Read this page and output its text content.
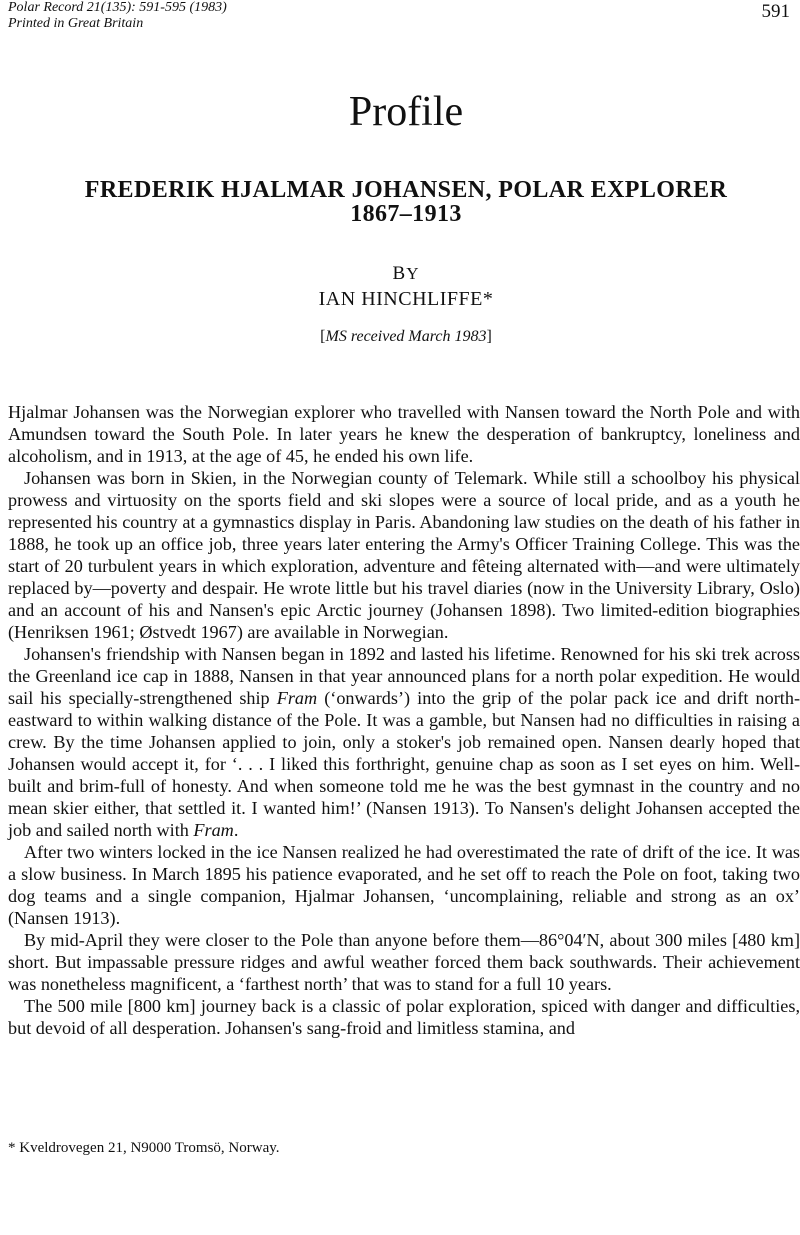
Polar Record 21(135): 591-595 (1983)
Printed in Great Britain
591
Profile
FREDERIK HJALMAR JOHANSEN, POLAR EXPLORER
1867–1913
BY
IAN HINCHLIFFE*
[MS received March 1983]

Hjalmar Johansen was the Norwegian explorer who travelled with Nansen toward the North Pole and with Amundsen toward the South Pole. In later years he knew the desperation of bankruptcy, loneliness and alcoholism, and in 1913, at the age of 45, he ended his own life.

Johansen was born in Skien, in the Norwegian county of Telemark. While still a schoolboy his physical prowess and virtuosity on the sports field and ski slopes were a source of local pride, and as a youth he represented his country at a gymnastics display in Paris. Abandoning law studies on the death of his father in 1888, he took up an office job, three years later entering the Army's Officer Training College. This was the start of 20 turbulent years in which exploration, adventure and fêteing alternated with—and were ultimately replaced by—poverty and despair. He wrote little but his travel diaries (now in the University Library, Oslo) and an account of his and Nansen's epic Arctic journey (Johansen 1898). Two limited-edition biographies (Henriksen 1961; Østvedt 1967) are available in Norwegian.

Johansen's friendship with Nansen began in 1892 and lasted his lifetime. Renowned for his ski trek across the Greenland ice cap in 1888, Nansen in that year announced plans for a north polar expedition. He would sail his specially-strengthened ship Fram (‘onwards’) into the grip of the polar pack ice and drift north-eastward to within walking distance of the Pole. It was a gamble, but Nansen had no difficulties in raising a crew. By the time Johansen applied to join, only a stoker's job remained open. Nansen dearly hoped that Johansen would accept it, for ‘. . . I liked this forthright, genuine chap as soon as I set eyes on him. Well-built and brim-full of honesty. And when someone told me he was the best gymnast in the country and no mean skier either, that settled it. I wanted him!’ (Nansen 1913). To Nansen's delight Johansen accepted the job and sailed north with Fram.

After two winters locked in the ice Nansen realized he had overestimated the rate of drift of the ice. It was a slow business. In March 1895 his patience evaporated, and he set off to reach the Pole on foot, taking two dog teams and a single companion, Hjalmar Johansen, ‘uncomplaining, reliable and strong as an ox’ (Nansen 1913).

By mid-April they were closer to the Pole than anyone before them—86°04′N, about 300 miles [480 km] short. But impassable pressure ridges and awful weather forced them back southwards. Their achievement was nonetheless magnificent, a ‘farthest north’ that was to stand for a full 10 years.

The 500 mile [800 km] journey back is a classic of polar exploration, spiced with danger and difficulties, but devoid of all desperation. Johansen's sang-froid and limitless stamina, and

* Kveldrovegen 21, N9000 Tromsö, Norway.
